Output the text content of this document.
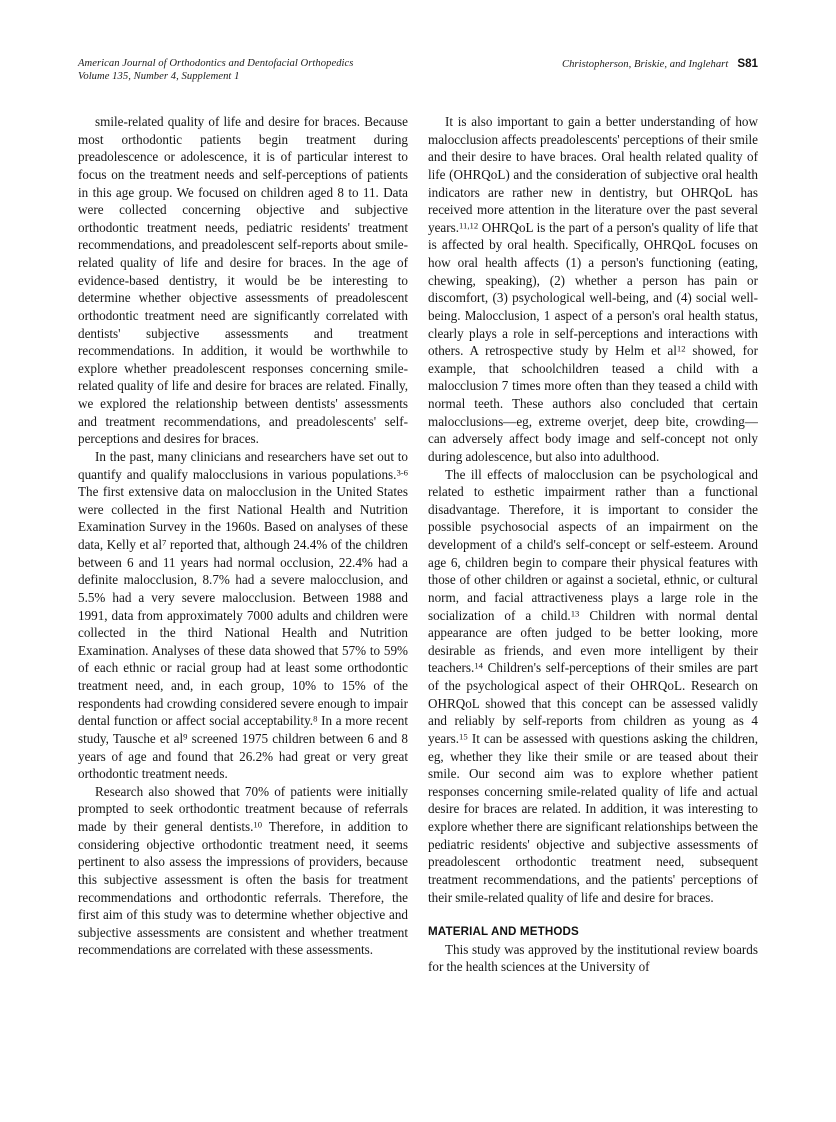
American Journal of Orthodontics and Dentofacial Orthopedics
Volume 135, Number 4, Supplement 1
Christopherson, Briskie, and Inglehart S81

smile-related quality of life and desire for braces. Because most orthodontic patients begin treatment during preadolescence or adolescence, it is of particular interest to focus on the treatment needs and self-perceptions of patients in this age group. We focused on children aged 8 to 11. Data were collected concerning objective and subjective orthodontic treatment needs, pediatric residents' treatment recommendations, and preadolescent self-reports about smile-related quality of life and desire for braces. In the age of evidence-based dentistry, it would be be interesting to determine whether objective assessments of preadolescent orthodontic treatment need are significantly correlated with dentists' subjective assessments and treatment recommendations. In addition, it would be worthwhile to explore whether preadolescent responses concerning smile-related quality of life and desire for braces are related. Finally, we explored the relationship between dentists' assessments and treatment recommendations, and preadolescents' self-perceptions and desires for braces.

In the past, many clinicians and researchers have set out to quantify and qualify malocclusions in various populations.$^{3-6}$ The first extensive data on malocclusion in the United States were collected in the first National Health and Nutrition Examination Survey in the 1960s. Based on analyses of these data, Kelly et $al^7$ reported that, although 24.4% of the children between 6 and 11 years had normal occlusion, 22.4% had a definite malocclusion, 8.7% had a severe malocclusion, and 5.5% had a very severe malocclusion. Between 1988 and 1991, data from approximately 7000 adults and children were collected in the third National Health and Nutrition Examination. Analyses of these data showed that 57% to 59% of each ethnic or racial group had at least some orthodontic treatment need, and, in each group, 10% to 15% of the respondents had crowding considered severe enough to impair dental function or affect social acceptability.$^8$ In a more recent study, Tausche et $al^9$ screened 1975 children between 6 and 8 years of age and found that 26.2% had great or very great orthodontic treatment needs.

Research also showed that 70% of patients were initially prompted to seek orthodontic treatment because of referrals made by their general dentists.$^{10}$ Therefore, in addition to considering objective orthodontic treatment need, it seems pertinent to also assess the impressions of providers, because this subjective assessment is often the basis for treatment recommendations and orthodontic referrals. Therefore, the first aim of this study was to determine whether objective and subjective assessments are consistent and whether treatment recommendations are correlated with these assessments.

It is also important to gain a better understanding of how malocclusion affects preadolescents' perceptions of their smile and their desire to have braces. Oral health related quality of life (OHRQoL) and the consideration of subjective oral health indicators are rather new in dentistry, but OHRQoL has received more attention in the literature over the past several years.$^{11,12}$ OHRQoL is the part of a person's quality of life that is affected by oral health. Specifically, OHRQoL focuses on how oral health affects (1) a person's functioning (eating, chewing, speaking), (2) whether a person has pain or discomfort, (3) psychological well-being, and (4) social well-being. Malocclusion, 1 aspect of a person's oral health status, clearly plays a role in self-perceptions and interactions with others. A retrospective study by Helm et $al^{12}$ showed, for example, that schoolchildren teased a child with a malocclusion 7 times more often than they teased a child with normal teeth. These authors also concluded that certain malocclusions—eg, extreme overjet, deep bite, crowding—can adversely affect body image and self-concept not only during adolescence, but also into adulthood.

The ill effects of malocclusion can be psychological and related to esthetic impairment rather than a functional disadvantage. Therefore, it is important to consider the possible psychosocial aspects of an impairment on the development of a child's self-concept or self-esteem. Around age 6, children begin to compare their physical features with those of other children or against a societal, ethnic, or cultural norm, and facial attractiveness plays a large role in the socialization of a child.$^{13}$ Children with normal dental appearance are often judged to be better looking, more desirable as friends, and even more intelligent by their teachers.$^{14}$ Children's self-perceptions of their smiles are part of the psychological aspect of their OHRQoL. Research on OHRQoL showed that this concept can be assessed validly and reliably by self-reports from children as young as 4 years.$^{15}$ It can be assessed with questions asking the children, eg, whether they like their smile or are teased about their smile. Our second aim was to explore whether patient responses concerning smile-related quality of life and actual desire for braces are related. In addition, it was interesting to explore whether there are significant relationships between the pediatric residents' objective and subjective assessments of preadolescent orthodontic treatment need, subsequent treatment recommendations, and the patients' perceptions of their smile-related quality of life and desire for braces.

MATERIAL AND METHODS

This study was approved by the institutional review boards for the health sciences at the University of
